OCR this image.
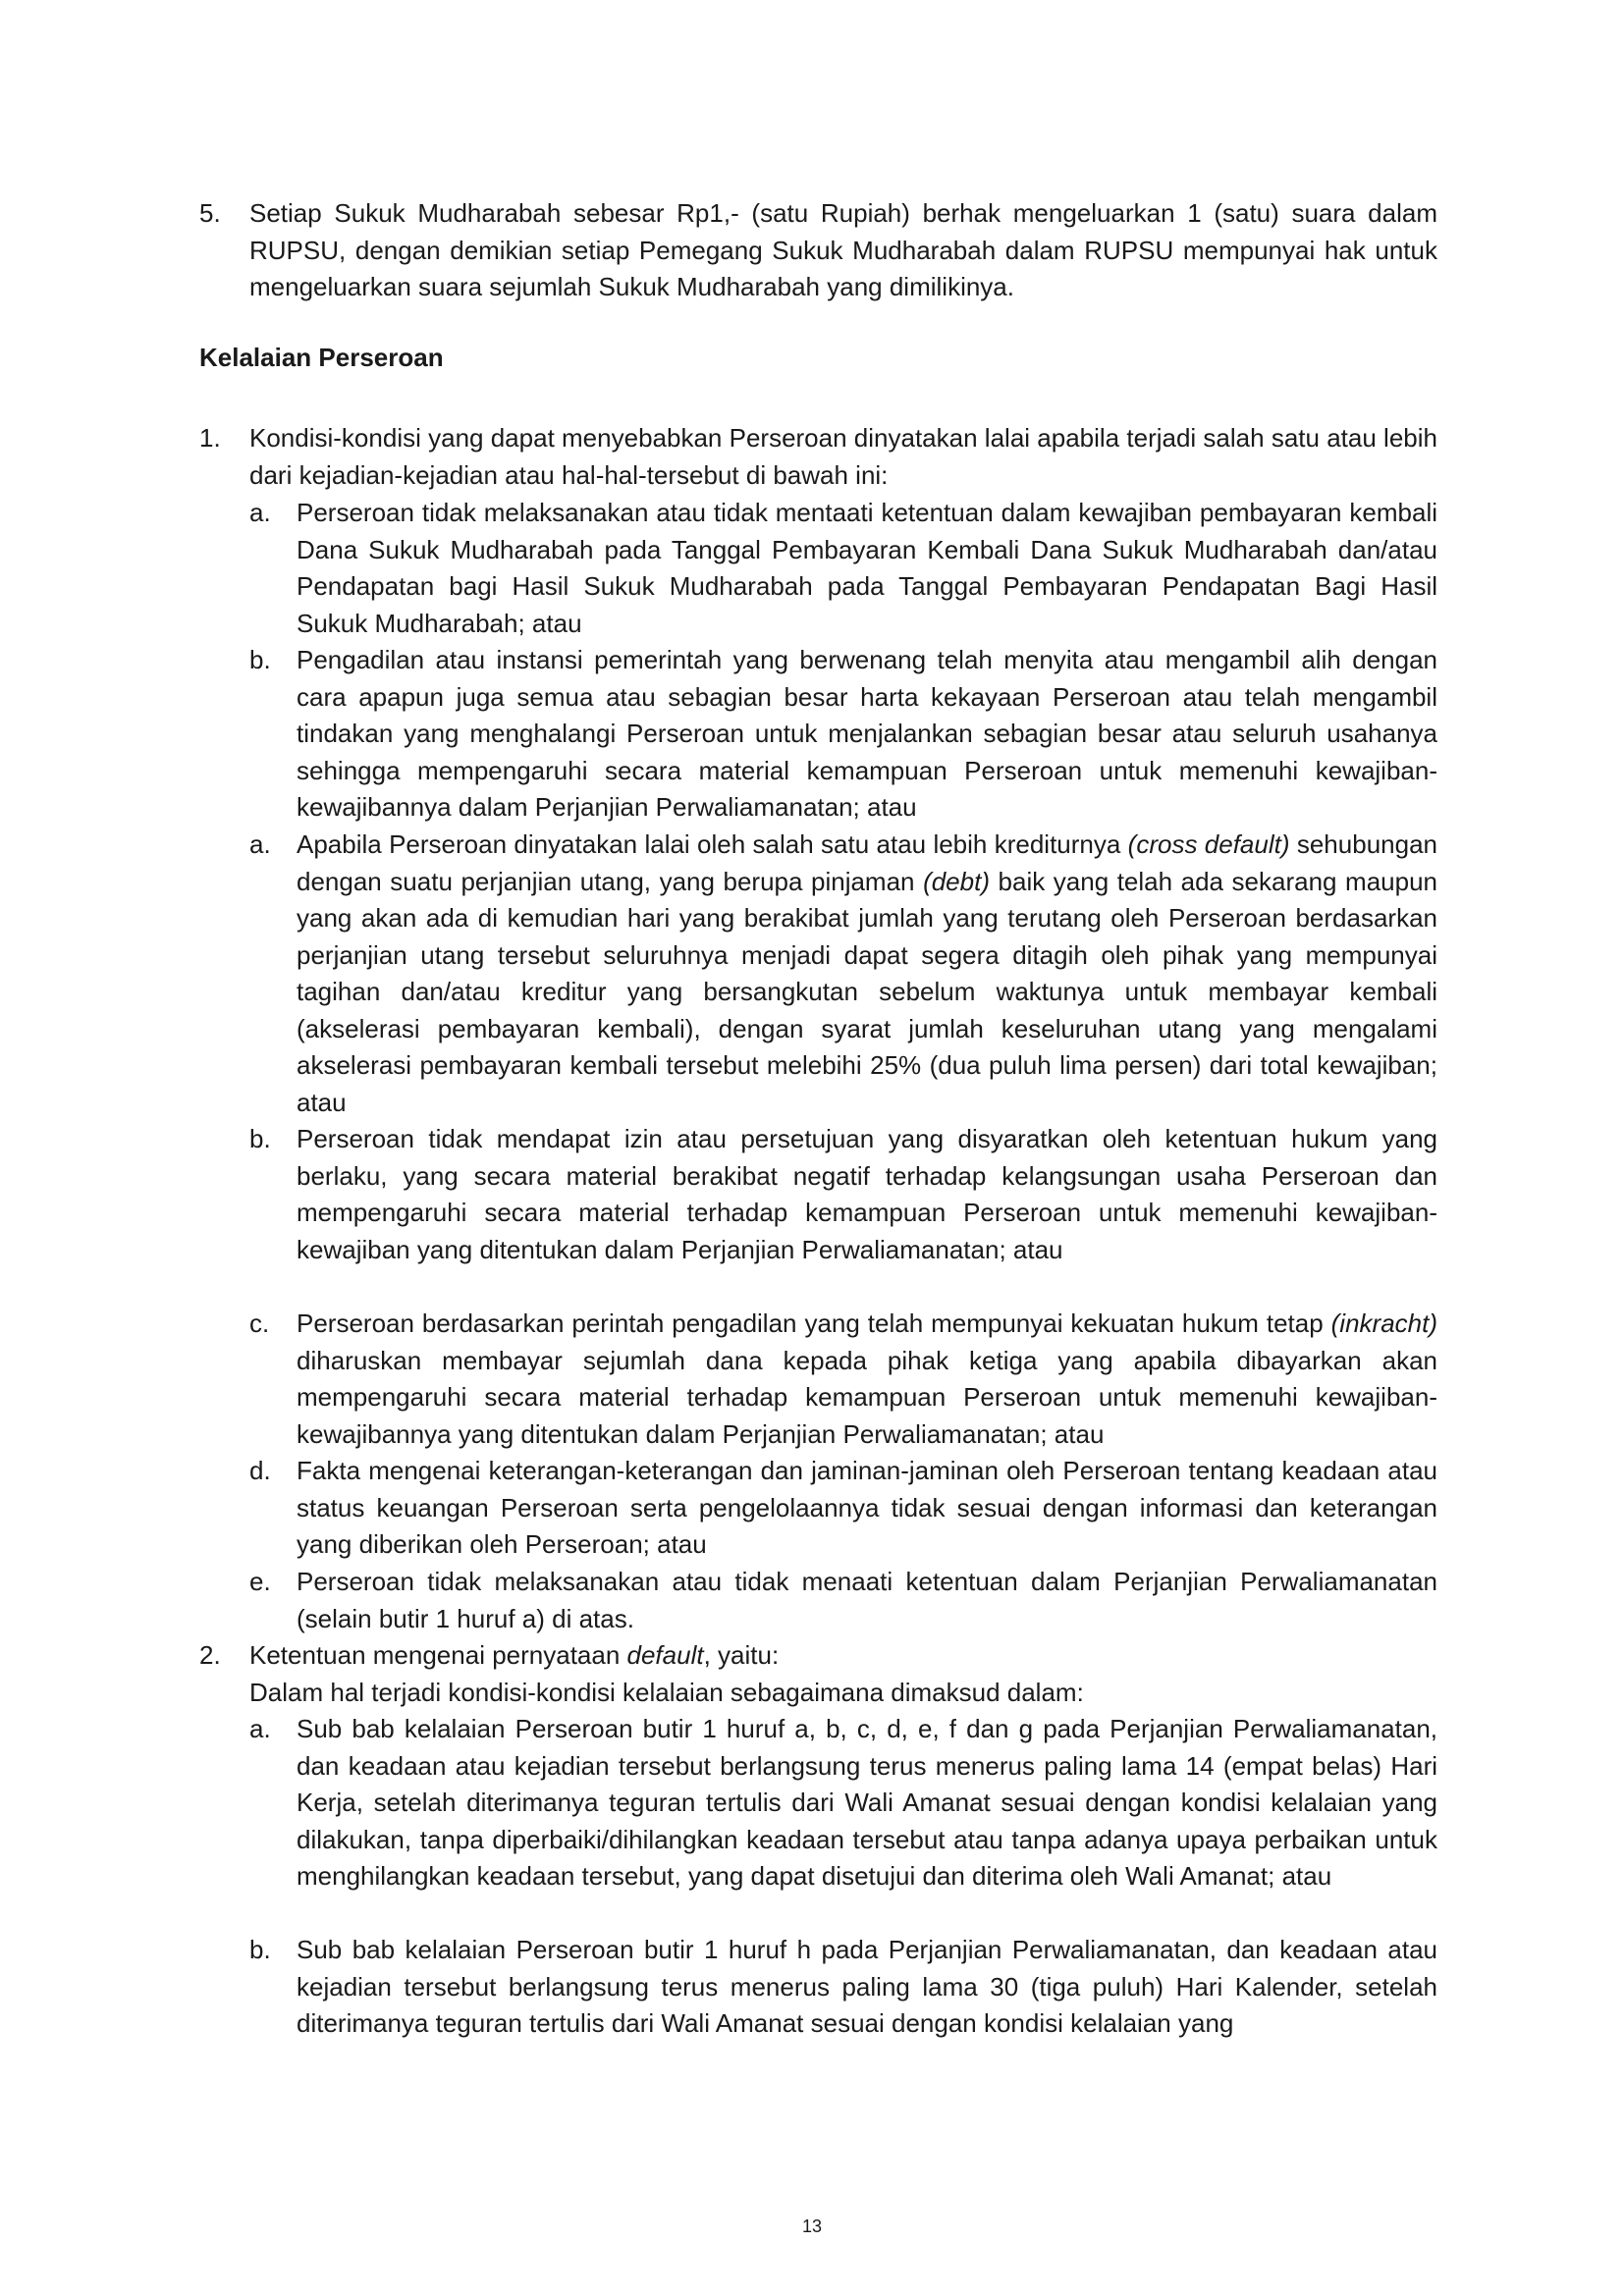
5. Setiap Sukuk Mudharabah sebesar Rp1,- (satu Rupiah) berhak mengeluarkan 1 (satu) suara dalam RUPSU, dengan demikian setiap Pemegang Sukuk Mudharabah dalam RUPSU mempunyai hak untuk mengeluarkan suara sejumlah Sukuk Mudharabah yang dimilikinya.

Kelalaian Perseroan

1. Kondisi-kondisi yang dapat menyebabkan Perseroan dinyatakan lalai apabila terjadi salah satu atau lebih dari kejadian-kejadian atau hal-hal-tersebut di bawah ini:

a. Perseroan tidak melaksanakan atau tidak mentaati ketentuan dalam kewajiban pembayaran kembali Dana Sukuk Mudharabah pada Tanggal Pembayaran Kembali Dana Sukuk Mudharabah dan/atau Pendapatan bagi Hasil Sukuk Mudharabah pada Tanggal Pembayaran Pendapatan Bagi Hasil Sukuk Mudharabah; atau

b. Pengadilan atau instansi pemerintah yang berwenang telah menyita atau mengambil alih dengan cara apapun juga semua atau sebagian besar harta kekayaan Perseroan atau telah mengambil tindakan yang menghalangi Perseroan untuk menjalankan sebagian besar atau seluruh usahanya sehingga mempengaruhi secara material kemampuan Perseroan untuk memenuhi kewajiban-kewajibannya dalam Perjanjian Perwaliamanatan; atau

a. Apabila Perseroan dinyatakan lalai oleh salah satu atau lebih krediturnya (cross default) sehubungan dengan suatu perjanjian utang, yang berupa pinjaman (debt) baik yang telah ada sekarang maupun yang akan ada di kemudian hari yang berakibat jumlah yang terutang oleh Perseroan berdasarkan perjanjian utang tersebut seluruhnya menjadi dapat segera ditagih oleh pihak yang mempunyai tagihan dan/atau kreditur yang bersangkutan sebelum waktunya untuk membayar kembali (akselerasi pembayaran kembali), dengan syarat jumlah keseluruhan utang yang mengalami akselerasi pembayaran kembali tersebut melebihi 25% (dua puluh lima persen) dari total kewajiban; atau

b. Perseroan tidak mendapat izin atau persetujuan yang disyaratkan oleh ketentuan hukum yang berlaku, yang secara material berakibat negatif terhadap kelangsungan usaha Perseroan dan mempengaruhi secara material terhadap kemampuan Perseroan untuk memenuhi kewajiban-kewajiban yang ditentukan dalam Perjanjian Perwaliamanatan; atau

c. Perseroan berdasarkan perintah pengadilan yang telah mempunyai kekuatan hukum tetap (inkracht) diharuskan membayar sejumlah dana kepada pihak ketiga yang apabila dibayarkan akan mempengaruhi secara material terhadap kemampuan Perseroan untuk memenuhi kewajiban-kewajibannya yang ditentukan dalam Perjanjian Perwaliamanatan; atau

d. Fakta mengenai keterangan-keterangan dan jaminan-jaminan oleh Perseroan tentang keadaan atau status keuangan Perseroan serta pengelolaannya tidak sesuai dengan informasi dan keterangan yang diberikan oleh Perseroan; atau

e. Perseroan tidak melaksanakan atau tidak menaati ketentuan dalam Perjanjian Perwaliamanatan (selain butir 1 huruf a) di atas.

2. Ketentuan mengenai pernyataan default, yaitu:

Dalam hal terjadi kondisi-kondisi kelalaian sebagaimana dimaksud dalam:

a. Sub bab kelalaian Perseroan butir 1 huruf a, b, c, d, e, f dan g pada Perjanjian Perwaliamanatan, dan keadaan atau kejadian tersebut berlangsung terus menerus paling lama 14 (empat belas) Hari Kerja, setelah diterimanya teguran tertulis dari Wali Amanat sesuai dengan kondisi kelalaian yang dilakukan, tanpa diperbaiki/dihilangkan keadaan tersebut atau tanpa adanya upaya perbaikan untuk menghilangkan keadaan tersebut, yang dapat disetujui dan diterima oleh Wali Amanat; atau

b. Sub bab kelalaian Perseroan butir 1 huruf h pada Perjanjian Perwaliamanatan, dan keadaan atau kejadian tersebut berlangsung terus menerus paling lama 30 (tiga puluh) Hari Kalender, setelah diterimanya teguran tertulis dari Wali Amanat sesuai dengan kondisi kelalaian yang

13
